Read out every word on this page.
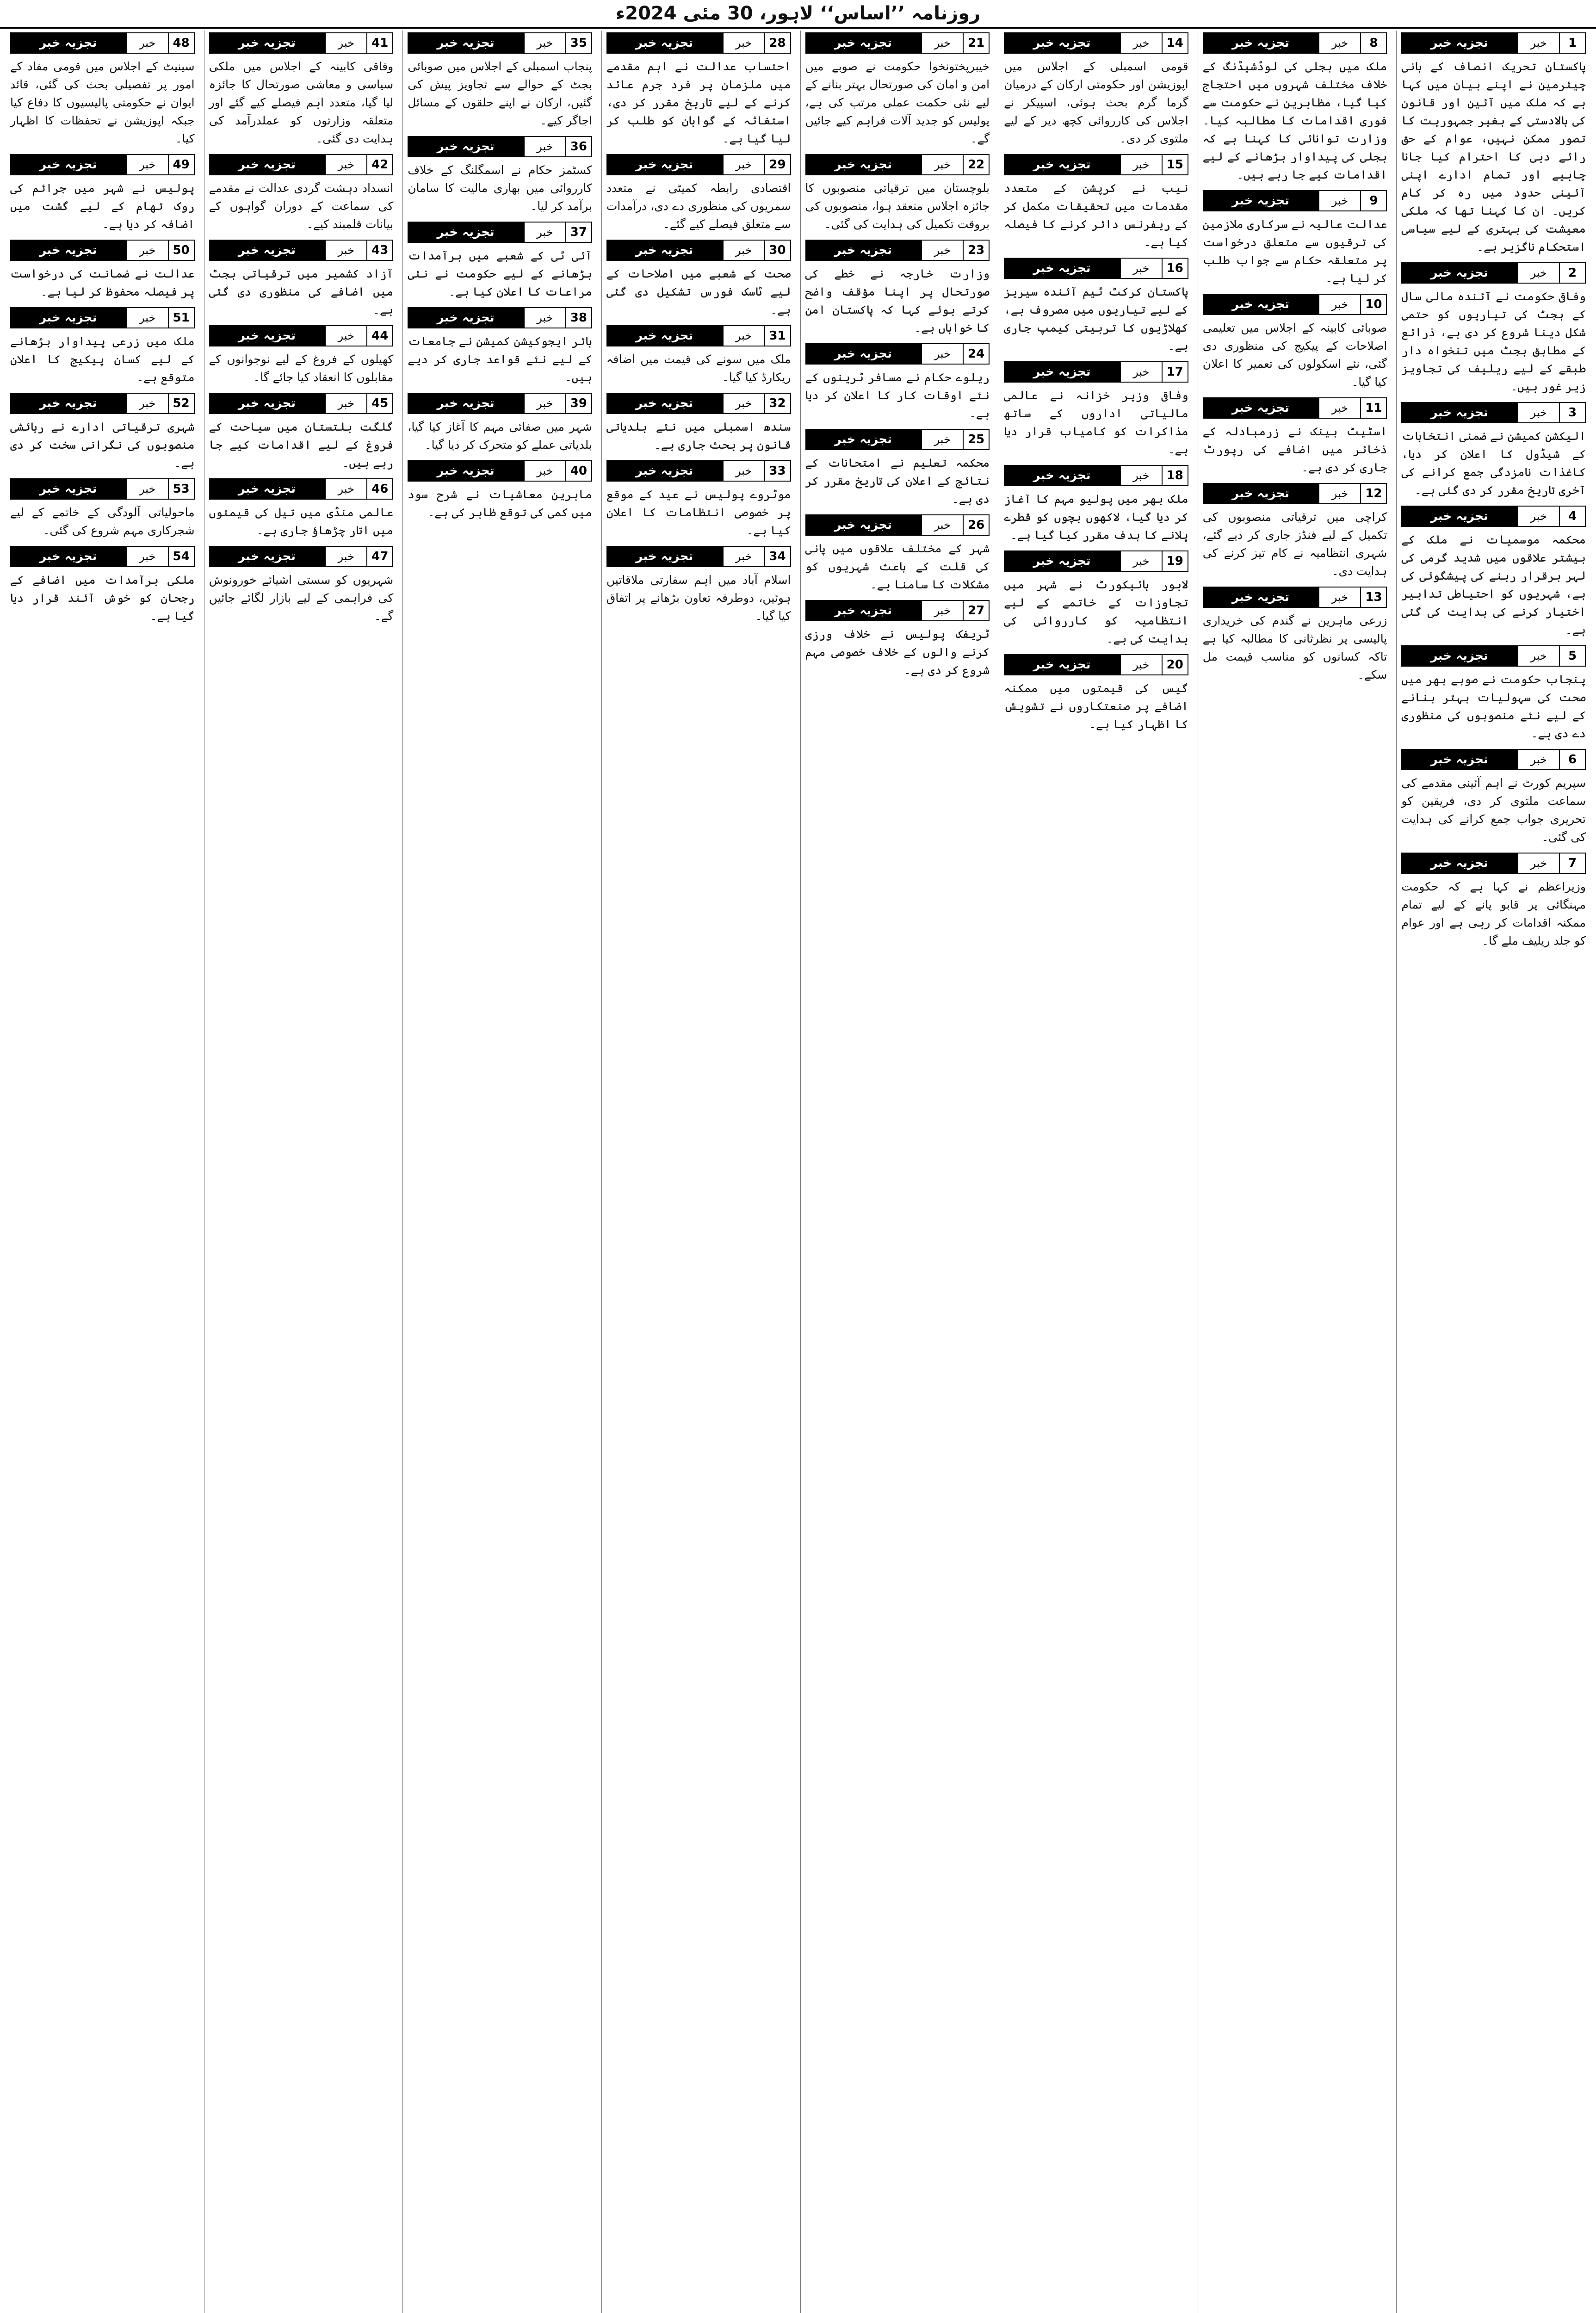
روزنامہ ’’اساس‘‘ لاہور، 30 مئی 2024ء
1
خبر
تجزیہ خبر
پاکستان تحریک انصاف کے بانی چیئرمین نے اپنے بیان میں کہا ہے کہ ملک میں آئین اور قانون کی بالادستی کے بغیر جمہوریت کا تصور ممکن نہیں، عوام کے حق رائے دہی کا احترام کیا جانا چاہیے اور تمام ادارے اپنی آئینی حدود میں رہ کر کام کریں۔ ان کا کہنا تھا کہ ملکی معیشت کی بہتری کے لیے سیاسی استحکام ناگزیر ہے۔
2
خبر
تجزیہ خبر
وفاقی حکومت نے آئندہ مالی سال کے بجٹ کی تیاریوں کو حتمی شکل دینا شروع کر دی ہے، ذرائع کے مطابق بجٹ میں تنخواہ دار طبقے کے لیے ریلیف کی تجاویز زیر غور ہیں۔
3
خبر
تجزیہ خبر
الیکشن کمیشن نے ضمنی انتخابات کے شیڈول کا اعلان کر دیا، کاغذات نامزدگی جمع کرانے کی آخری تاریخ مقرر کر دی گئی ہے۔
4
خبر
تجزیہ خبر
محکمہ موسمیات نے ملک کے بیشتر علاقوں میں شدید گرمی کی لہر برقرار رہنے کی پیشگوئی کی ہے، شہریوں کو احتیاطی تدابیر اختیار کرنے کی ہدایت کی گئی ہے۔
5
خبر
تجزیہ خبر
پنجاب حکومت نے صوبے بھر میں صحت کی سہولیات بہتر بنانے کے لیے نئے منصوبوں کی منظوری دے دی ہے۔
6
خبر
تجزیہ خبر
سپریم کورٹ نے اہم آئینی مقدمے کی سماعت ملتوی کر دی، فریقین کو تحریری جواب جمع کرانے کی ہدایت کی گئی۔
7
خبر
تجزیہ خبر
وزیراعظم نے کہا ہے کہ حکومت مہنگائی پر قابو پانے کے لیے تمام ممکنہ اقدامات کر رہی ہے اور عوام کو جلد ریلیف ملے گا۔
8
خبر
تجزیہ خبر
ملک میں بجلی کی لوڈشیڈنگ کے خلاف مختلف شہروں میں احتجاج کیا گیا، مظاہرین نے حکومت سے فوری اقدامات کا مطالبہ کیا۔ وزارت توانائی کا کہنا ہے کہ بجلی کی پیداوار بڑھانے کے لیے اقدامات کیے جا رہے ہیں۔
9
خبر
تجزیہ خبر
عدالت عالیہ نے سرکاری ملازمین کی ترقیوں سے متعلق درخواست پر متعلقہ حکام سے جواب طلب کر لیا ہے۔
10
خبر
تجزیہ خبر
صوبائی کابینہ کے اجلاس میں تعلیمی اصلاحات کے پیکیج کی منظوری دی گئی، نئے اسکولوں کی تعمیر کا اعلان کیا گیا۔
11
خبر
تجزیہ خبر
اسٹیٹ بینک نے زرمبادلہ کے ذخائر میں اضافے کی رپورٹ جاری کر دی ہے۔
12
خبر
تجزیہ خبر
کراچی میں ترقیاتی منصوبوں کی تکمیل کے لیے فنڈز جاری کر دیے گئے، شہری انتظامیہ نے کام تیز کرنے کی ہدایت دی۔
13
خبر
تجزیہ خبر
زرعی ماہرین نے گندم کی خریداری پالیسی پر نظرثانی کا مطالبہ کیا ہے تاکہ کسانوں کو مناسب قیمت مل سکے۔
14
خبر
تجزیہ خبر
قومی اسمبلی کے اجلاس میں اپوزیشن اور حکومتی ارکان کے درمیان گرما گرم بحث ہوئی، اسپیکر نے اجلاس کی کارروائی کچھ دیر کے لیے ملتوی کر دی۔
15
خبر
تجزیہ خبر
نیب نے کرپشن کے متعدد مقدمات میں تحقیقات مکمل کر کے ریفرنس دائر کرنے کا فیصلہ کیا ہے۔
16
خبر
تجزیہ خبر
پاکستان کرکٹ ٹیم آئندہ سیریز کے لیے تیاریوں میں مصروف ہے، کھلاڑیوں کا تربیتی کیمپ جاری ہے۔
17
خبر
تجزیہ خبر
وفاقی وزیر خزانہ نے عالمی مالیاتی اداروں کے ساتھ مذاکرات کو کامیاب قرار دیا ہے۔
18
خبر
تجزیہ خبر
ملک بھر میں پولیو مہم کا آغاز کر دیا گیا، لاکھوں بچوں کو قطرے پلانے کا ہدف مقرر کیا گیا ہے۔
19
خبر
تجزیہ خبر
لاہور ہائیکورٹ نے شہر میں تجاوزات کے خاتمے کے لیے انتظامیہ کو کارروائی کی ہدایت کی ہے۔
20
خبر
تجزیہ خبر
گیس کی قیمتوں میں ممکنہ اضافے پر صنعتکاروں نے تشویش کا اظہار کیا ہے۔
21
خبر
تجزیہ خبر
خیبرپختونخوا حکومت نے صوبے میں امن و امان کی صورتحال بہتر بنانے کے لیے نئی حکمت عملی مرتب کی ہے، پولیس کو جدید آلات فراہم کیے جائیں گے۔
22
خبر
تجزیہ خبر
بلوچستان میں ترقیاتی منصوبوں کا جائزہ اجلاس منعقد ہوا، منصوبوں کی بروقت تکمیل کی ہدایت کی گئی۔
23
خبر
تجزیہ خبر
وزارت خارجہ نے خطے کی صورتحال پر اپنا مؤقف واضح کرتے ہوئے کہا کہ پاکستان امن کا خواہاں ہے۔
24
خبر
تجزیہ خبر
ریلوے حکام نے مسافر ٹرینوں کے نئے اوقات کار کا اعلان کر دیا ہے۔
25
خبر
تجزیہ خبر
محکمہ تعلیم نے امتحانات کے نتائج کے اعلان کی تاریخ مقرر کر دی ہے۔
26
خبر
تجزیہ خبر
شہر کے مختلف علاقوں میں پانی کی قلت کے باعث شہریوں کو مشکلات کا سامنا ہے۔
27
خبر
تجزیہ خبر
ٹریفک پولیس نے خلاف ورزی کرنے والوں کے خلاف خصوصی مہم شروع کر دی ہے۔
28
خبر
تجزیہ خبر
احتساب عدالت نے اہم مقدمے میں ملزمان پر فرد جرم عائد کرنے کے لیے تاریخ مقرر کر دی، استغاثہ کے گواہان کو طلب کر لیا گیا ہے۔
29
خبر
تجزیہ خبر
اقتصادی رابطہ کمیٹی نے متعدد سمریوں کی منظوری دے دی، درآمدات سے متعلق فیصلے کیے گئے۔
30
خبر
تجزیہ خبر
صحت کے شعبے میں اصلاحات کے لیے ٹاسک فورس تشکیل دی گئی ہے۔
31
خبر
تجزیہ خبر
ملک میں سونے کی قیمت میں اضافہ ریکارڈ کیا گیا۔
32
خبر
تجزیہ خبر
سندھ اسمبلی میں نئے بلدیاتی قانون پر بحث جاری ہے۔
33
خبر
تجزیہ خبر
موٹروے پولیس نے عید کے موقع پر خصوصی انتظامات کا اعلان کیا ہے۔
34
خبر
تجزیہ خبر
اسلام آباد میں اہم سفارتی ملاقاتیں ہوئیں، دوطرفہ تعاون بڑھانے پر اتفاق کیا گیا۔
35
خبر
تجزیہ خبر
پنجاب اسمبلی کے اجلاس میں صوبائی بجٹ کے حوالے سے تجاویز پیش کی گئیں، ارکان نے اپنے حلقوں کے مسائل اجاگر کیے۔
36
خبر
تجزیہ خبر
کسٹمز حکام نے اسمگلنگ کے خلاف کارروائی میں بھاری مالیت کا سامان برآمد کر لیا۔
37
خبر
تجزیہ خبر
آئی ٹی کے شعبے میں برآمدات بڑھانے کے لیے حکومت نے نئی مراعات کا اعلان کیا ہے۔
38
خبر
تجزیہ خبر
ہائر ایجوکیشن کمیشن نے جامعات کے لیے نئے قواعد جاری کر دیے ہیں۔
39
خبر
تجزیہ خبر
شہر میں صفائی مہم کا آغاز کیا گیا، بلدیاتی عملے کو متحرک کر دیا گیا۔
40
خبر
تجزیہ خبر
ماہرین معاشیات نے شرح سود میں کمی کی توقع ظاہر کی ہے۔
41
خبر
تجزیہ خبر
وفاقی کابینہ کے اجلاس میں ملکی سیاسی و معاشی صورتحال کا جائزہ لیا گیا، متعدد اہم فیصلے کیے گئے اور متعلقہ وزارتوں کو عملدرآمد کی ہدایت دی گئی۔
42
خبر
تجزیہ خبر
انسداد دہشت گردی عدالت نے مقدمے کی سماعت کے دوران گواہوں کے بیانات قلمبند کیے۔
43
خبر
تجزیہ خبر
آزاد کشمیر میں ترقیاتی بجٹ میں اضافے کی منظوری دی گئی ہے۔
44
خبر
تجزیہ خبر
کھیلوں کے فروغ کے لیے نوجوانوں کے مقابلوں کا انعقاد کیا جائے گا۔
45
خبر
تجزیہ خبر
گلگت بلتستان میں سیاحت کے فروغ کے لیے اقدامات کیے جا رہے ہیں۔
46
خبر
تجزیہ خبر
عالمی منڈی میں تیل کی قیمتوں میں اتار چڑھاؤ جاری ہے۔
47
خبر
تجزیہ خبر
شہریوں کو سستی اشیائے خورونوش کی فراہمی کے لیے بازار لگائے جائیں گے۔
48
خبر
تجزیہ خبر
سینیٹ کے اجلاس میں قومی مفاد کے امور پر تفصیلی بحث کی گئی، قائد ایوان نے حکومتی پالیسیوں کا دفاع کیا جبکہ اپوزیشن نے تحفظات کا اظہار کیا۔
49
خبر
تجزیہ خبر
پولیس نے شہر میں جرائم کی روک تھام کے لیے گشت میں اضافہ کر دیا ہے۔
50
خبر
تجزیہ خبر
عدالت نے ضمانت کی درخواست پر فیصلہ محفوظ کر لیا ہے۔
51
خبر
تجزیہ خبر
ملک میں زرعی پیداوار بڑھانے کے لیے کسان پیکیج کا اعلان متوقع ہے۔
52
خبر
تجزیہ خبر
شہری ترقیاتی ادارے نے رہائشی منصوبوں کی نگرانی سخت کر دی ہے۔
53
خبر
تجزیہ خبر
ماحولیاتی آلودگی کے خاتمے کے لیے شجرکاری مہم شروع کی گئی۔
54
خبر
تجزیہ خبر
ملکی برآمدات میں اضافے کے رجحان کو خوش آئند قرار دیا گیا ہے۔
